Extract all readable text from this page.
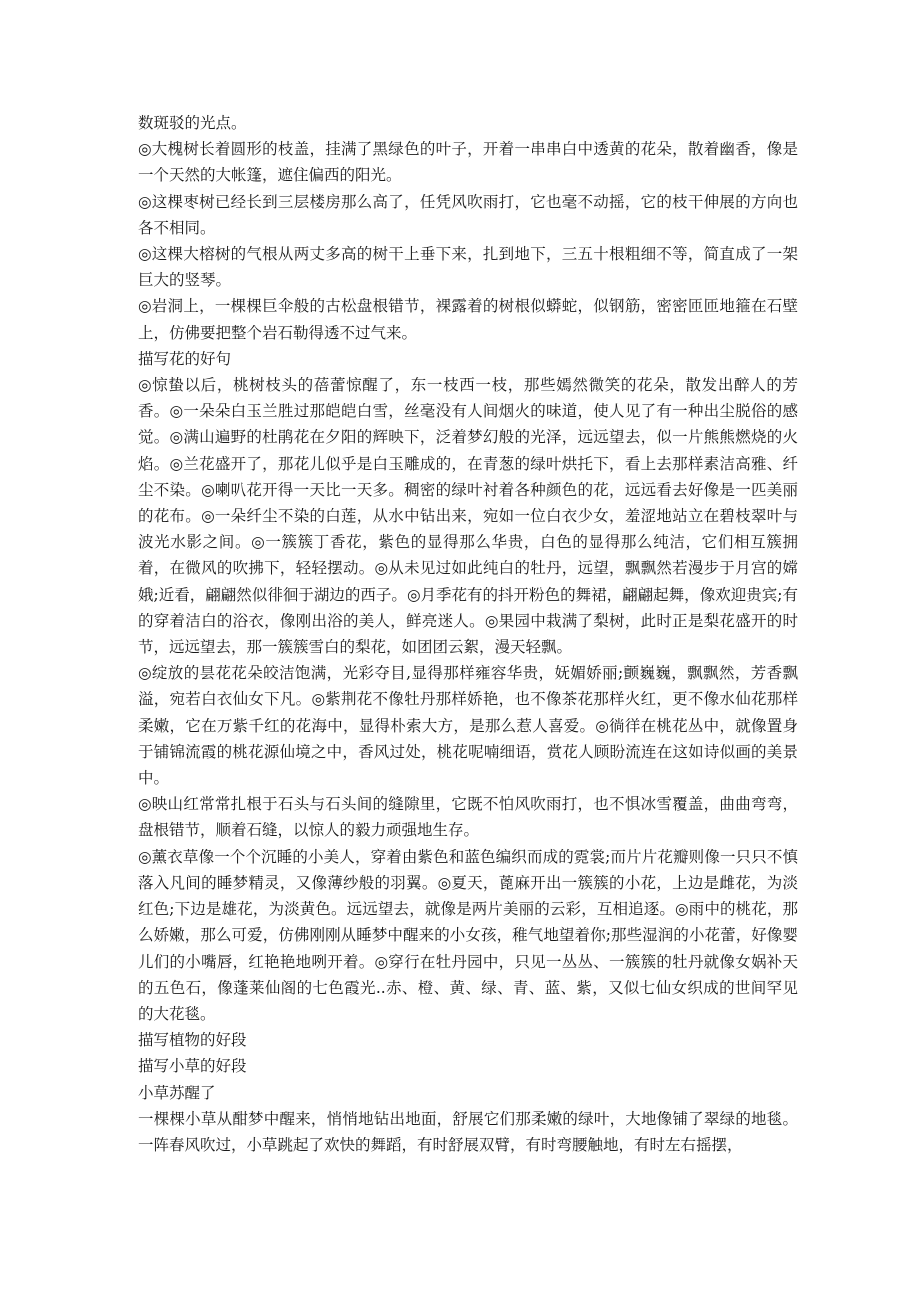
数斑驳的光点。

◎大槐树长着圆形的枝盖，挂满了黑绿色的叶子，开着一串串白中透黄的花朵，散着幽香，像是一个天然的大帐篷，遮住偏西的阳光。

◎这棵枣树已经长到三层楼房那么高了，任凭风吹雨打，它也毫不动摇，它的枝干伸展的方向也各不相同。

◎这棵大榕树的气根从两丈多高的树干上垂下来，扎到地下，三五十根粗细不等，简直成了一架巨大的竖琴。

◎岩洞上，一棵棵巨伞般的古松盘根错节，裸露着的树根似蟒蛇，似钢筋，密密匝匝地箍在石壁上，仿佛要把整个岩石勒得透不过气来。

描写花的好句

◎惊蛰以后，桃树枝头的蓓蕾惊醒了，东一枝西一枝，那些嫣然微笑的花朵，散发出醉人的芳香。◎一朵朵白玉兰胜过那皑皑白雪，丝毫没有人间烟火的味道，使人见了有一种出尘脱俗的感觉。◎满山遍野的杜鹃花在夕阳的辉映下，泛着梦幻般的光泽，远远望去，似一片熊熊燃烧的火焰。◎兰花盛开了，那花儿似乎是白玉雕成的，在青葱的绿叶烘托下，看上去那样素洁高雅、纤尘不染。◎喇叭花开得一天比一天多。稠密的绿叶衬着各种颜色的花，远远看去好像是一匹美丽的花布。◎一朵纤尘不染的白莲，从水中钻出来，宛如一位白衣少女，羞涩地站立在碧枝翠叶与波光水影之间。◎一簇簇丁香花，紫色的显得那么华贵，白色的显得那么纯洁，它们相互簇拥着，在微风的吹拂下，轻轻摆动。◎从未见过如此纯白的牡丹，远望，飘飘然若漫步于月宫的嫦娥;近看，翩翩然似徘徊于湖边的西子。◎月季花有的抖开粉色的舞裙，翩翩起舞，像欢迎贵宾;有的穿着洁白的浴衣，像刚出浴的美人，鲜亮迷人。◎果园中栽满了梨树，此时正是梨花盛开的时节，远远望去，那一簇簇雪白的梨花，如团团云絮，漫天轻飘。

◎绽放的昙花花朵皎洁饱满，光彩夺目,显得那样雍容华贵，妩媚娇丽;颤巍巍，飘飘然，芳香飘溢，宛若白衣仙女下凡。◎紫荆花不像牡丹那样娇艳，也不像茶花那样火红，更不像水仙花那样柔嫩，它在万紫千红的花海中，显得朴索大方，是那么惹人喜爱。◎徜徉在桃花丛中，就像置身于铺锦流霞的桃花源仙境之中，香风过处，桃花呢喃细语，赏花人顾盼流连在这如诗似画的美景中。

◎映山红常常扎根于石头与石头间的缝隙里，它既不怕风吹雨打，也不惧冰雪覆盖，曲曲弯弯，盘根错节，顺着石缝，以惊人的毅力顽强地生存。

◎薰衣草像一个个沉睡的小美人，穿着由紫色和蓝色编织而成的霓裳;而片片花瓣则像一只只不慎落入凡间的睡梦精灵，又像薄纱般的羽翼。◎夏天，蓖麻开出一簇簇的小花，上边是雌花，为淡红色;下边是雄花，为淡黄色。远远望去，就像是两片美丽的云彩，互相追逐。◎雨中的桃花，那么娇嫩，那么可爱，仿佛刚刚从睡梦中醒来的小女孩，稚气地望着你;那些湿润的小花蕾，好像婴儿们的小嘴唇，红艳艳地咧开着。◎穿行在牡丹园中，只见一丛丛、一簇簇的牡丹就像女娲补天的五色石，像蓬莱仙阁的七色霞光..赤、橙、黄、绿、青、蓝、紫，又似七仙女织成的世间罕见的大花毯。

描写植物的好段

描写小草的好段

小草苏醒了

一棵棵小草从酣梦中醒来，悄悄地钻出地面，舒展它们那柔嫩的绿叶，大地像铺了翠绿的地毯。一阵春风吹过，小草跳起了欢快的舞蹈，有时舒展双臂，有时弯腰触地，有时左右摇摆，
